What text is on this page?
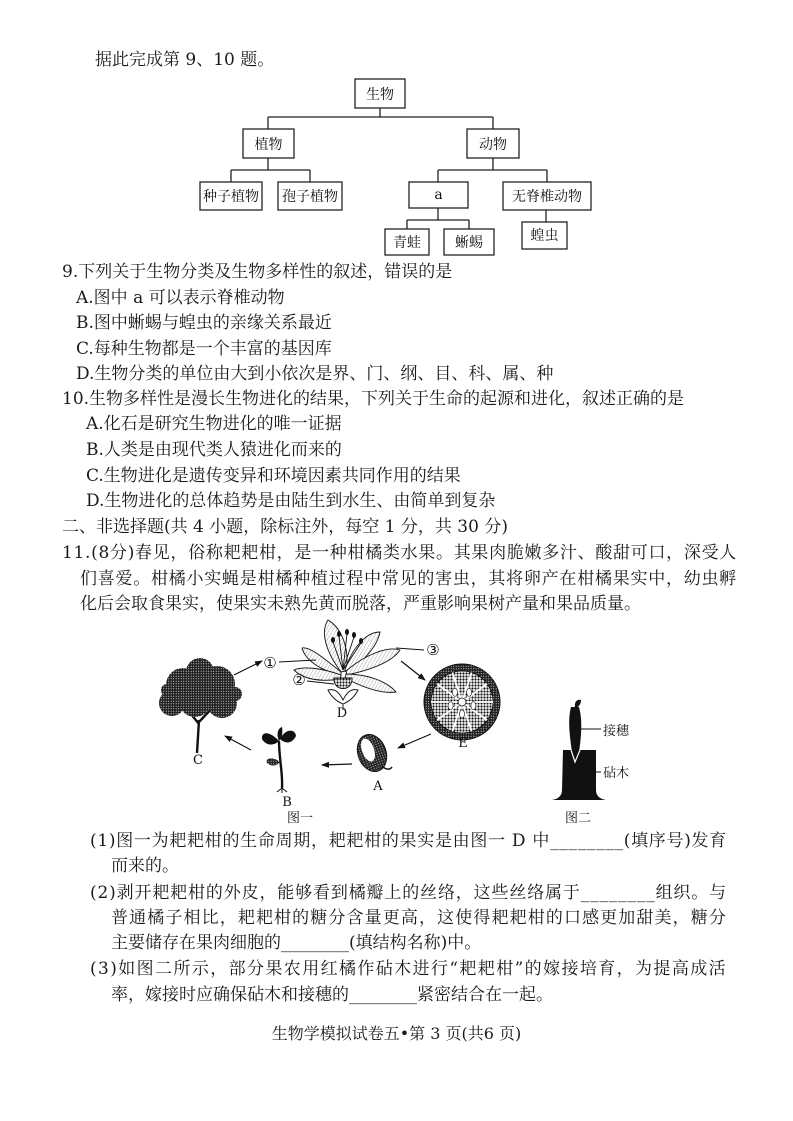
生物
植物	动物
种子植物 孢子植物	a	无脊椎动物
青蛙 蜥蜴	蝗虫
①
②
③
D
E
A
B
C
图一
接穗
砧木
图二
据此完成第 9、10 题。
9.下列关于生物分类及生物多样性的叙述，错误的是
A.图中 a 可以表示脊椎动物
B.图中蜥蜴与蝗虫的亲缘关系最近
C.每种生物都是一个丰富的基因库
D.生物分类的单位由大到小依次是界、门、纲、目、科、属、种
10.生物多样性是漫长生物进化的结果，下列关于生命的起源和进化，叙述正确的是
A.化石是研究生物进化的唯一证据
B.人类是由现代类人猿进化而来的
C.生物进化是遗传变异和环境因素共同作用的结果
D.生物进化的总体趋势是由陆生到水生、由简单到复杂
二、非选择题(共 4 小题，除标注外，每空 1 分，共 30 分)
11.(8分)春见，俗称耙耙柑，是一种柑橘类水果。其果肉脆嫩多汁、酸甜可口，深受人
们喜爱。柑橘小实蝇是柑橘种植过程中常见的害虫，其将卵产在柑橘果实中，幼虫孵
化后会取食果实，使果实未熟先黄而脱落，严重影响果树产量和果品质量。
(1)图一为耙耙柑的生命周期，耙耙柑的果实是由图一 D 中________(填序号)发育
而来的。
(2)剥开耙耙柑的外皮，能够看到橘瓣上的丝络，这些丝络属于________组织。与
普通橘子相比，耙耙柑的糖分含量更高，这使得耙耙柑的口感更加甜美，糖分
主要储存在果肉细胞的________(填结构名称)中。
(3)如图二所示，部分果农用红橘作砧木进行“耙耙柑”的嫁接培育，为提高成活
率，嫁接时应确保砧木和接穗的________紧密结合在一起。
生物学模拟试卷五•第 3 页(共6 页)
